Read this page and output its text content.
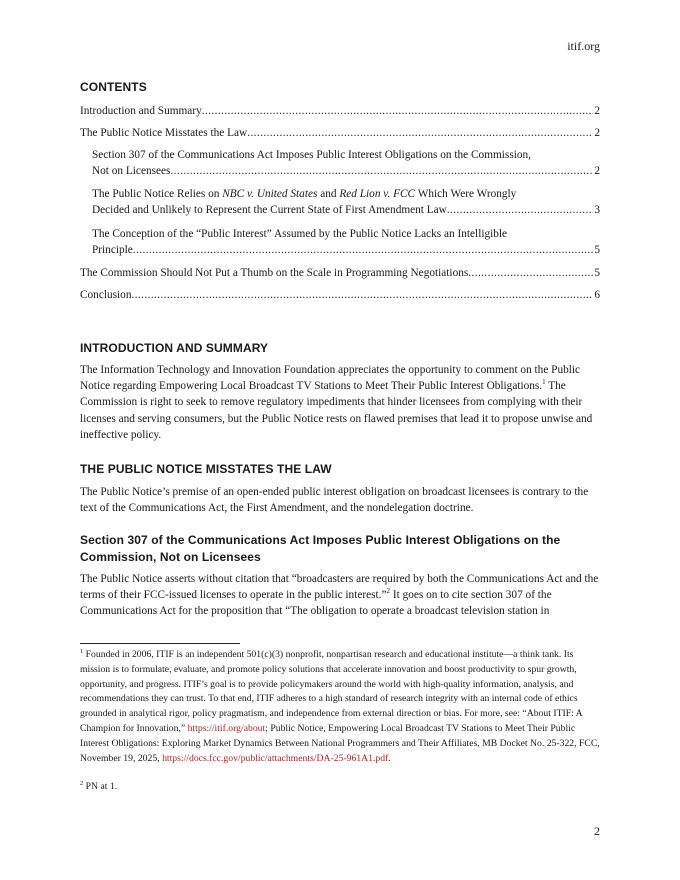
itif.org
CONTENTS
Introduction and Summary .....	2
The Public Notice Misstates the Law .....	2
Section 307 of the Communications Act Imposes Public Interest Obligations on the Commission,
Not on Licensees .....	2
The Public Notice Relies on NBC v. United States and Red Lion v. FCC Which Were Wrongly
Decided and Unlikely to Represent the Current State of First Amendment Law .....	3
The Conception of the “Public Interest” Assumed by the Public Notice Lacks an Intelligible
Principle .....	5
The Commission Should Not Put a Thumb on the Scale in Programming Negotiations .....	5
Conclusion .....	6
INTRODUCTION AND SUMMARY
The Information Technology and Innovation Foundation appreciates the opportunity to comment on the Public Notice regarding Empowering Local Broadcast TV Stations to Meet Their Public Interest Obligations.$^1$ The Commission is right to seek to remove regulatory impediments that hinder licensees from complying with their licenses and serving consumers, but the Public Notice rests on flawed premises that lead it to propose unwise and ineffective policy.
THE PUBLIC NOTICE MISSTATES THE LAW
The Public Notice’s premise of an open-ended public interest obligation on broadcast licensees is contrary to the text of the Communications Act, the First Amendment, and the nondelegation doctrine.
Section 307 of the Communications Act Imposes Public Interest Obligations on the
Commission, Not on Licensees
The Public Notice asserts without citation that “broadcasters are required by both the Communications Act and the terms of their FCC-issued licenses to operate in the public interest.”$^2$ It goes on to cite section 307 of the Communications Act for the proposition that “The obligation to operate a broadcast television station in
$^1$ Founded in 2006, ITIF is an independent 501(c)(3) nonprofit, nonpartisan research and educational institute—a think tank. Its mission is to formulate, evaluate, and promote policy solutions that accelerate innovation and boost productivity to spur growth, opportunity, and progress. ITIF’s goal is to provide policymakers around the world with high-quality information, analysis, and recommendations they can trust. To that end, ITIF adheres to a high standard of research integrity with an internal code of ethics grounded in analytical rigor, policy pragmatism, and independence from external direction or bias. For more, see: “About ITIF: A Champion for Innovation,” https://itif.org/about; Public Notice, Empowering Local Broadcast TV Stations to Meet Their Public Interest Obligations: Exploring Market Dynamics Between National Programmers and Their Affiliates, MB Docket No. 25-322, FCC, November 19, 2025, https://docs.fcc.gov/public/attachments/DA-25-961A1.pdf.
$^2$ PN at 1.
2
